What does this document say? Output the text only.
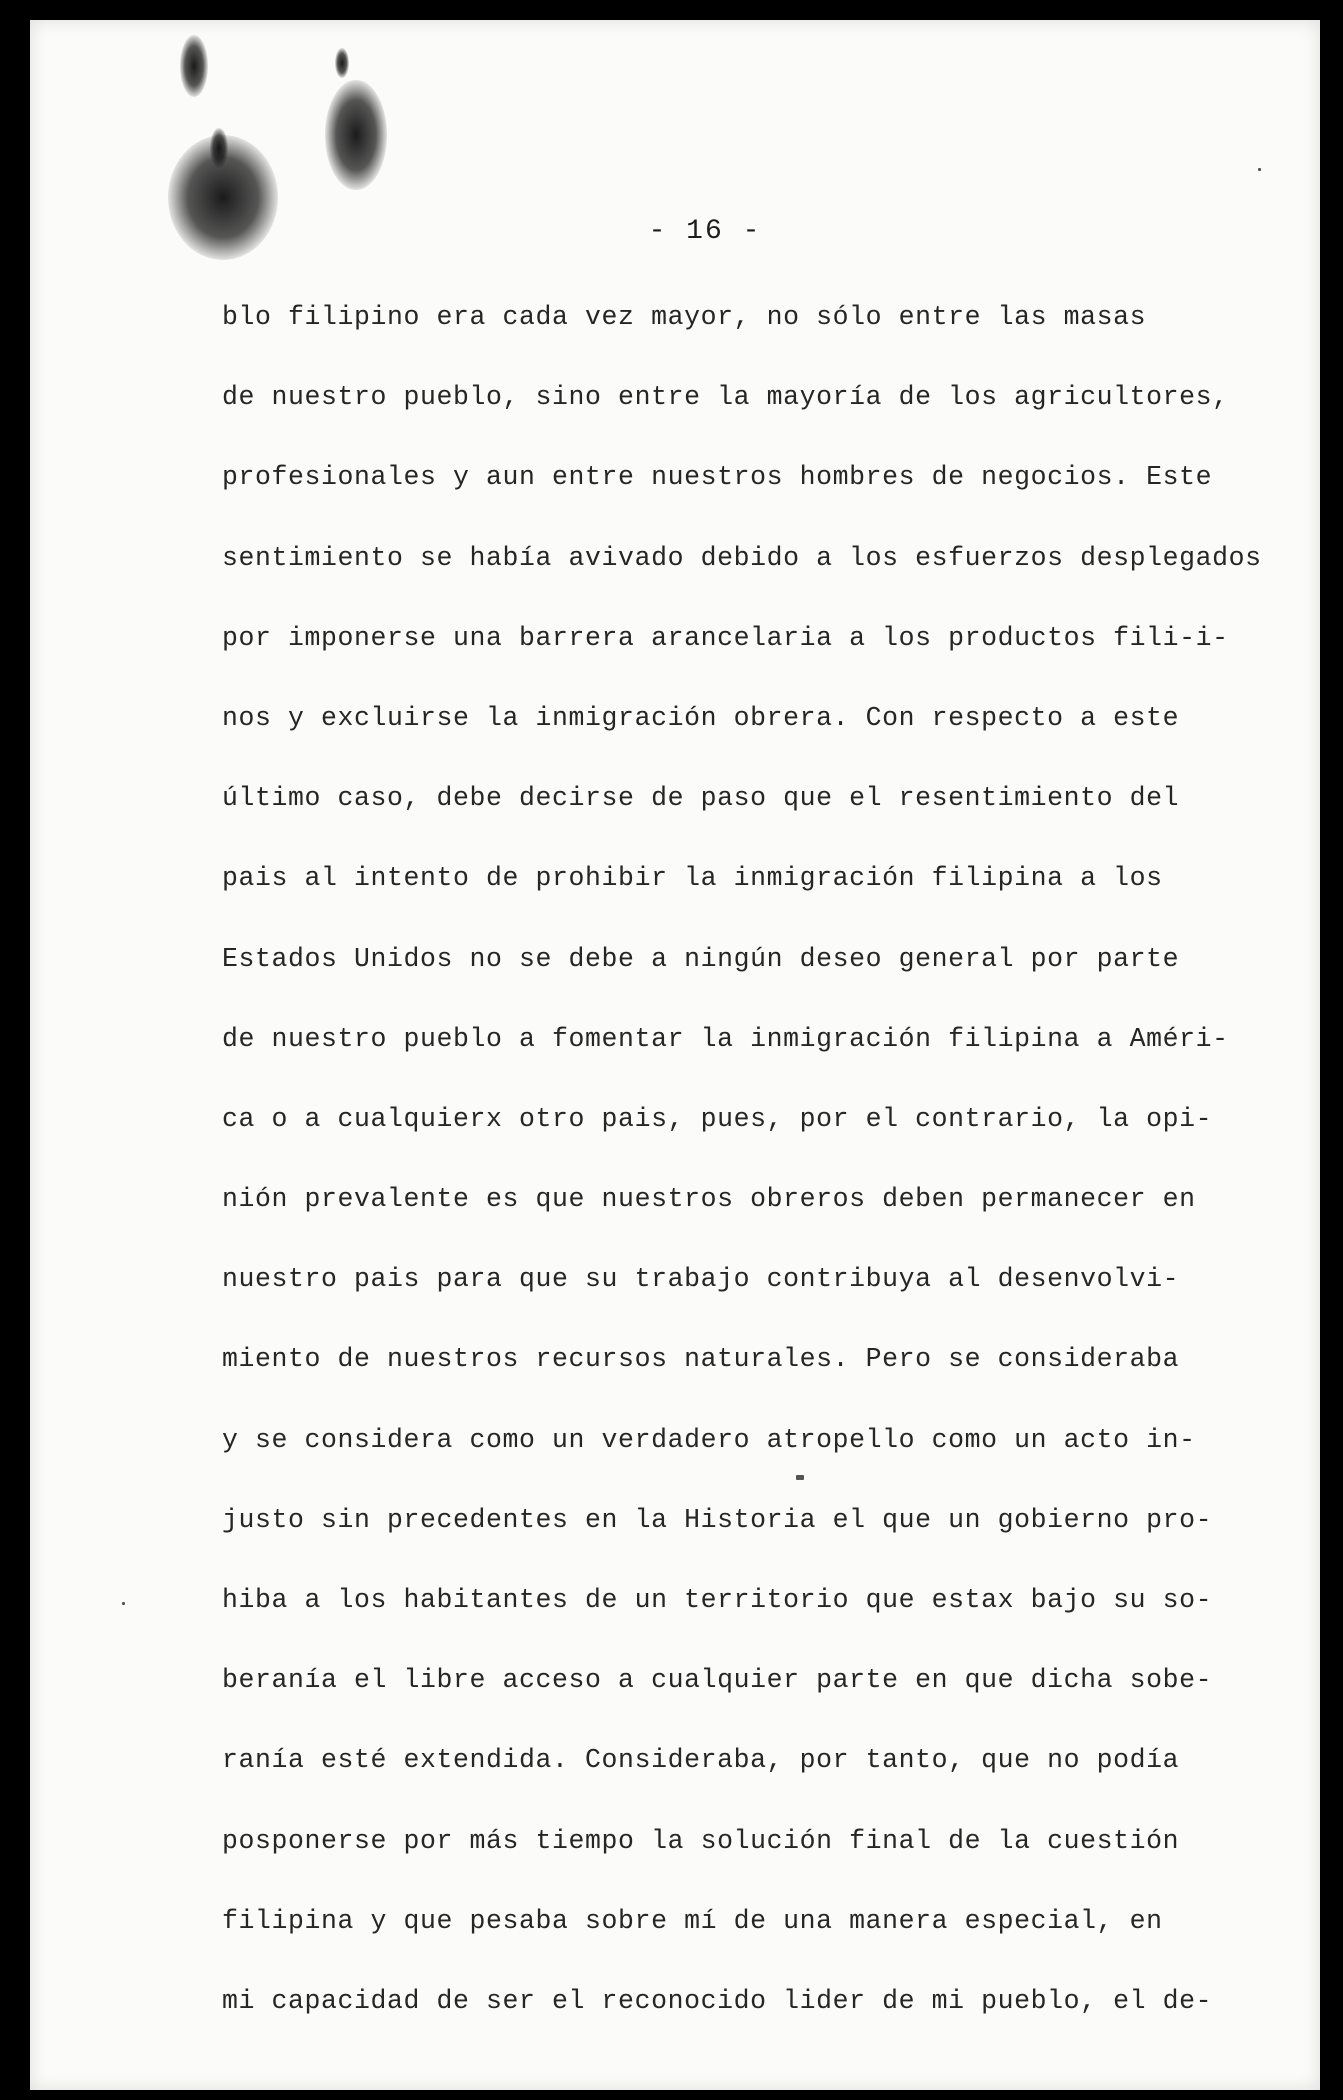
- 16 -
blo filipino era cada vez mayor, no sólo entre las masas
de nuestro pueblo, sino entre la mayoría de los agricultores,
profesionales y aun entre nuestros hombres de negocios. Este
sentimiento se había avivado debido a los esfuerzos desplegados
por imponerse una barrera arancelaria a los productos fili-i-
nos y excluirse la inmigración obrera. Con respecto a este
último caso, debe decirse de paso que el resentimiento del
pais al intento de prohibir la inmigración filipina a los
Estados Unidos no se debe a ningún deseo general por parte
de nuestro pueblo a fomentar la inmigración filipina a Améri-
ca o a cualquierx otro pais, pues, por el contrario, la opi-
nión prevalente es que nuestros obreros deben permanecer en
nuestro pais para que su trabajo contribuya al desenvolvi-
miento de nuestros recursos naturales. Pero se consideraba
y se considera como un verdadero atropello como un acto in-
justo sin precedentes en la Historia el que un gobierno pro-
hiba a los habitantes de un territorio que estax bajo su so-
beranía el libre acceso a cualquier parte en que dicha sobe-
ranía esté extendida. Consideraba, por tanto, que no podía
posponerse por más tiempo la solución final de la cuestión
filipina y que pesaba sobre mí de una manera especial, en
mi capacidad de ser el reconocido lider de mi pueblo, el de-
